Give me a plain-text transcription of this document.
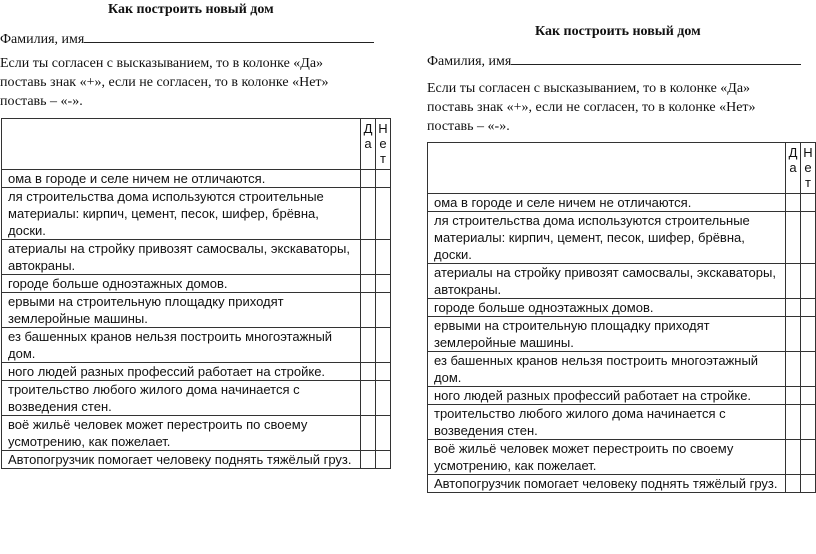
Как построить новый дом
Фамилия, имя
Если ты согласен с высказыванием, то в колонке «Да» поставь знак «+», если не согласен, то в колонке «Нет» поставь – «-».

	Да	Нет

ома в городе и селе ничем не отличаются.		
ля строительства дома используются строительные материалы: кирпич, цемент, песок, шифер, брёвна, доски.		
атериалы на стройку привозят самосвалы, экскаваторы, автокраны.		
городе больше одноэтажных домов.		
ервыми на строительную площадку приходят землеройные машины.		
ез башенных кранов нельзя построить многоэтажный дом.		
ного людей разных профессий работает на стройке.		
троительство любого жилого дома начинается с возведения стен.		
воё жильё человек может перестроить по своему усмотрению, как пожелает.		
Автопогрузчик помогает человеку поднять тяжёлый груз.		
Как построить новый дом
Фамилия, имя
Если ты согласен с высказыванием, то в колонке «Да» поставь знак «+», если не согласен, то в колонке «Нет» поставь – «-».

	Да	Нет

ома в городе и селе ничем не отличаются.		
ля строительства дома используются строительные материалы: кирпич, цемент, песок, шифер, брёвна, доски.		
атериалы на стройку привозят самосвалы, экскаваторы, автокраны.		
городе больше одноэтажных домов.		
ервыми на строительную площадку приходят землеройные машины.		
ез башенных кранов нельзя построить многоэтажный дом.		
ного людей разных профессий работает на стройке.		
троительство любого жилого дома начинается с возведения стен.		
воё жильё человек может перестроить по своему усмотрению, как пожелает.		
Автопогрузчик помогает человеку поднять тяжёлый груз.		
